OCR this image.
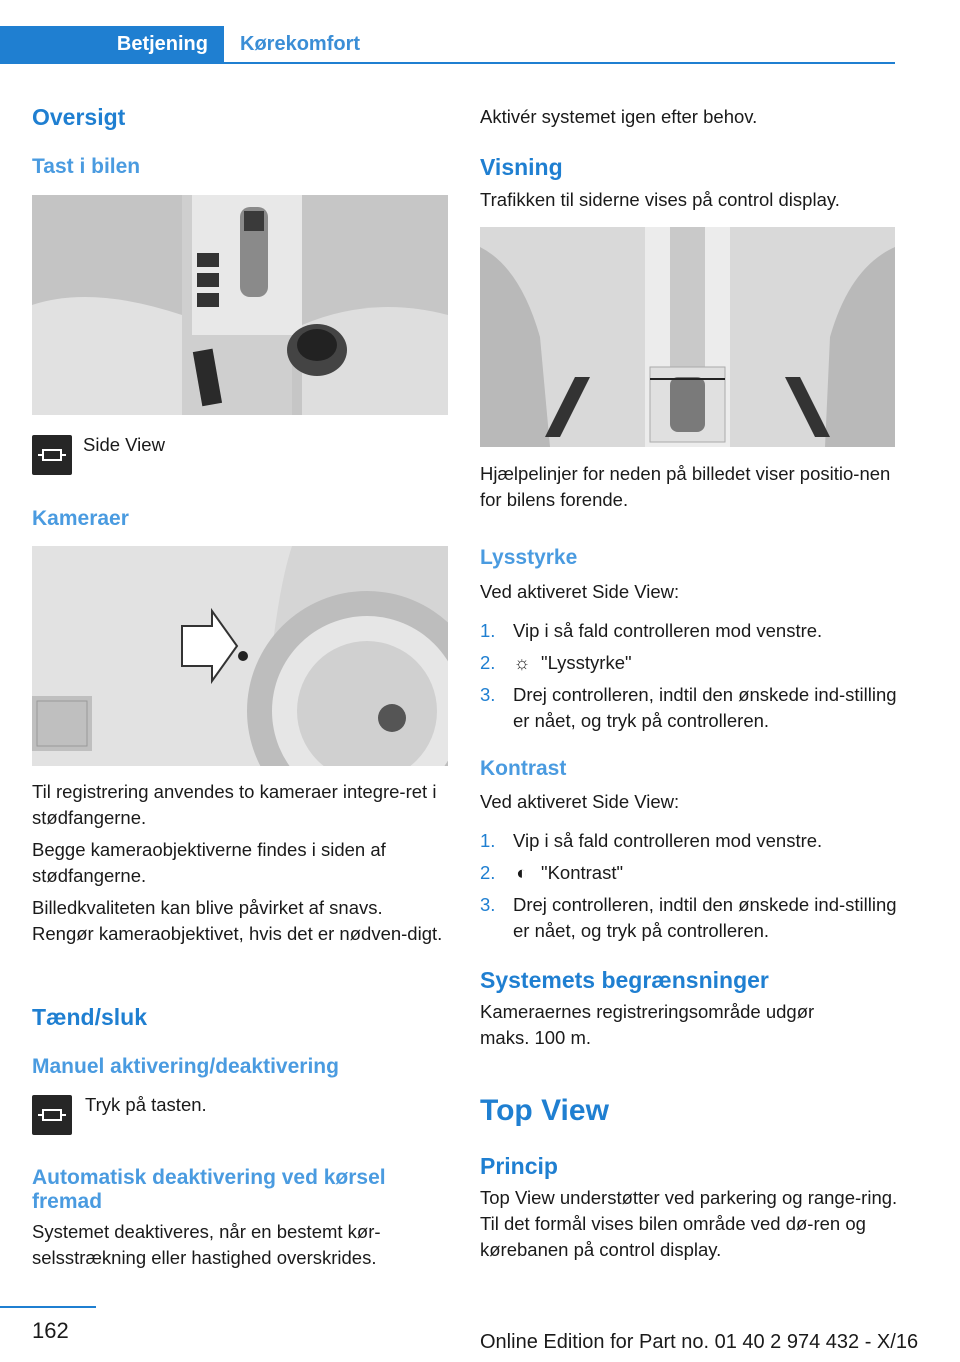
Betjening	Kørekomfort
Oversigt
Tast i bilen
Side View
Kameraer
Til registrering anvendes to kameraer integre-ret i stødfangerne.
Begge kameraobjektiverne findes i siden af stødfangerne.
Billedkvaliteten kan blive påvirket af snavs. Rengør kameraobjektivet, hvis det er nødven-digt.
Tænd/sluk
Manuel aktivering/deaktivering
Tryk på tasten.
Automatisk deaktivering ved kørsel fremad
Systemet deaktiveres, når en bestemt kør-selsstrækning eller hastighed overskrides.
Aktivér systemet igen efter behov.
Visning
Trafikken til siderne vises på control display.
Hjælpelinjer for neden på billedet viser positio-nen for bilens forende.
Lysstyrke
Ved aktiveret Side View:
1. Vip i så fald controlleren mod venstre.
2. ☼ "Lysstyrke"
3. Drej controlleren, indtil den ønskede ind-stilling er nået, og tryk på controlleren.
Kontrast
Ved aktiveret Side View:
1. Vip i så fald controlleren mod venstre.
2. ◐ "Kontrast"
3. Drej controlleren, indtil den ønskede ind-stilling er nået, og tryk på controlleren.
Systemets begrænsninger
Kameraernes registreringsområde udgør maks. 100 m.
Top View
Princip
Top View understøtter ved parkering og range-ring. Til det formål vises bilen område ved dø-ren og kørebanen på control display.
162	Online Edition for Part no. 01 40 2 974 432 - X/16
